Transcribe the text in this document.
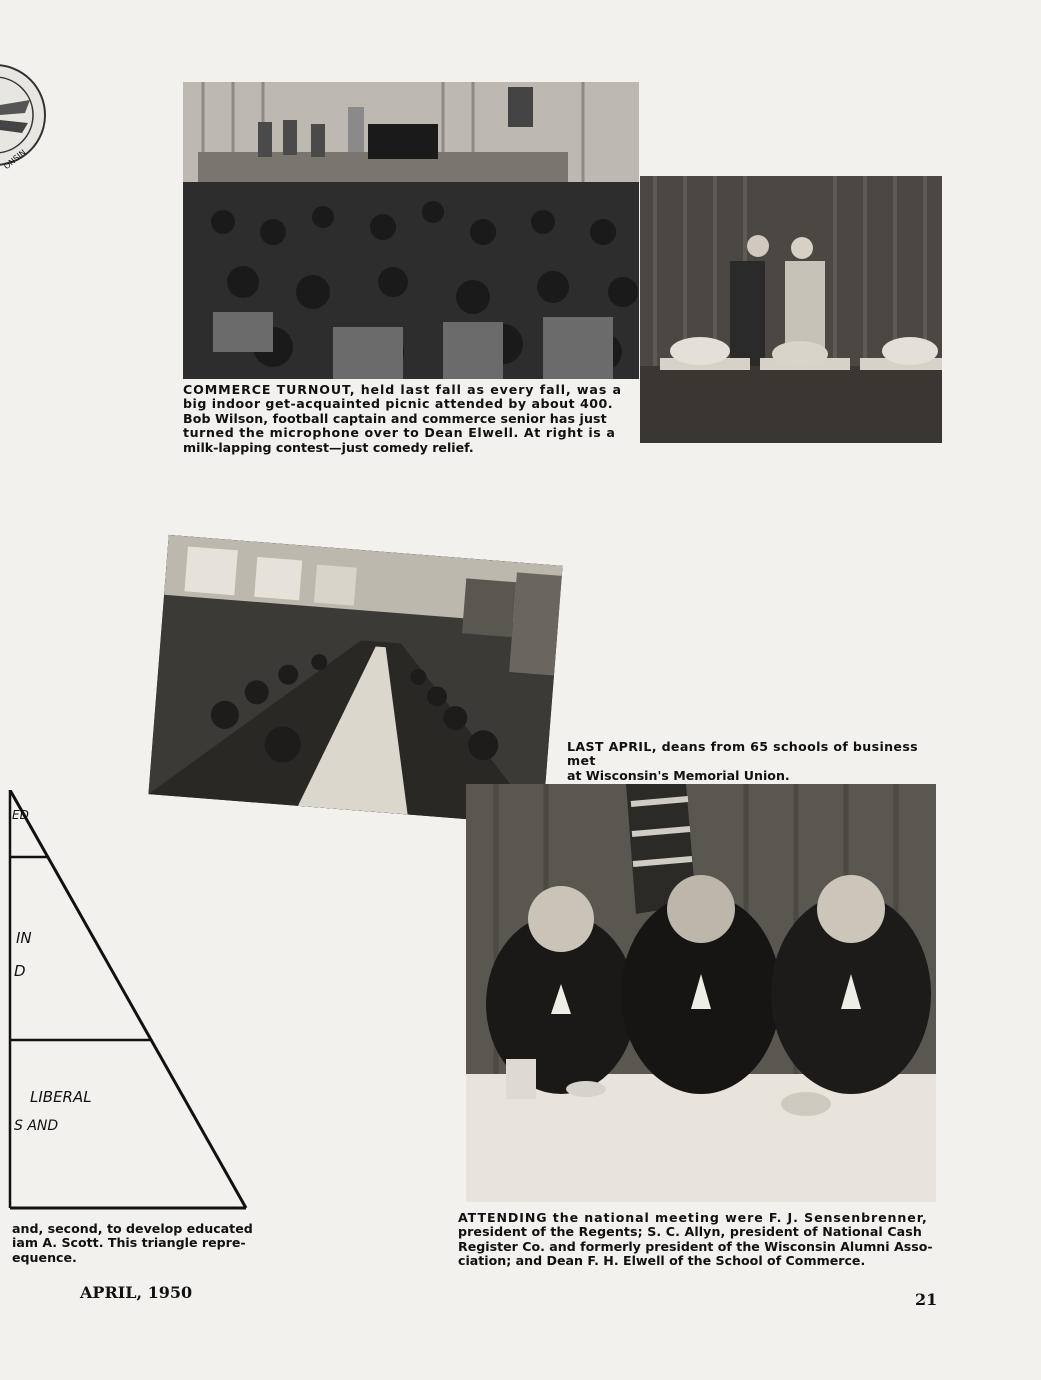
ONSIN
COMMERCE TURNOUT, held last fall as every fall, was a
big indoor get-acquainted picnic attended by about 400.
Bob Wilson, football captain and commerce senior has just
turned the microphone over to Dean Elwell. At right is a
milk-lapping contest—just comedy relief.
LAST APRIL, deans from 65 schools of business met
at Wisconsin's Memorial Union.
ED
IN
D
LIBERAL
S AND
and, second, to develop educated
iam A. Scott. This triangle repre-
equence.
ATTENDING the national meeting were F. J. Sensenbrenner,
president of the Regents; S. C. Allyn, president of National Cash
Register Co. and formerly president of the Wisconsin Alumni Asso-
ciation; and Dean F. H. Elwell of the School of Commerce.
APRIL, 1950	21
